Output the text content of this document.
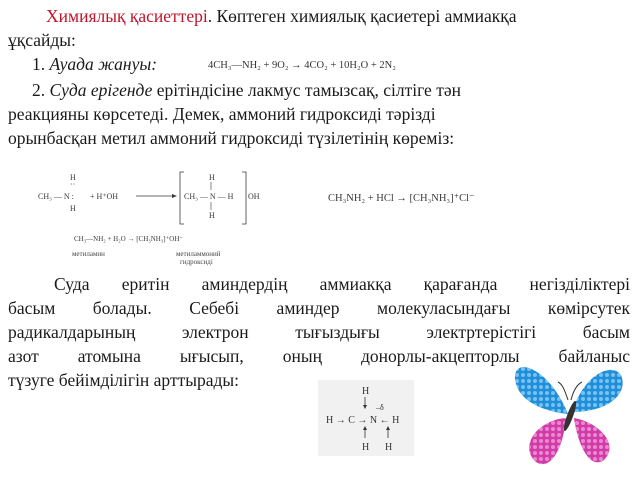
Химиялық қасиеттері. Көптеген химиялық қасиетері аммиакқа
ұқсайды:
1. Ауада жануы:	4CH₃—NH₂ + 9O₂ → 4CO₂ + 10H₂O + 2N₂
2. Суда ерігенде ерітіндісіне лакмус тамызсақ, сілтіге тән
реакцияны көрсетеді. Демек, аммоний гидроксиді тәрізді
орынбасқан метил аммоний гидроксиді түзілетінің көреміз:
H
··
CH₃ — N :
H
+ H⁺OH
H
CH₃ — N — H
H
OH
CH₃—NH₂ + H₂O → [CH₃NH₃]⁺OH⁻
метиламин	метиламмоний
гидроксиді
CH₃NH₂ + HCl → [CH₃NH₃]⁺Cl⁻
Суда еритін аминдердің аммиакқа қарағанда негізділіктері
басым болады. Себебі аминдер молекуласындағы көмірсутек
радикалдарының электрон тығыздығы электртерістігі басым
азот атомына ығысып, оның донорлы-акцепторлы байланыс
түзуге бейімділігін арттырады:
H
–δ
H → C → N ← H
H H
